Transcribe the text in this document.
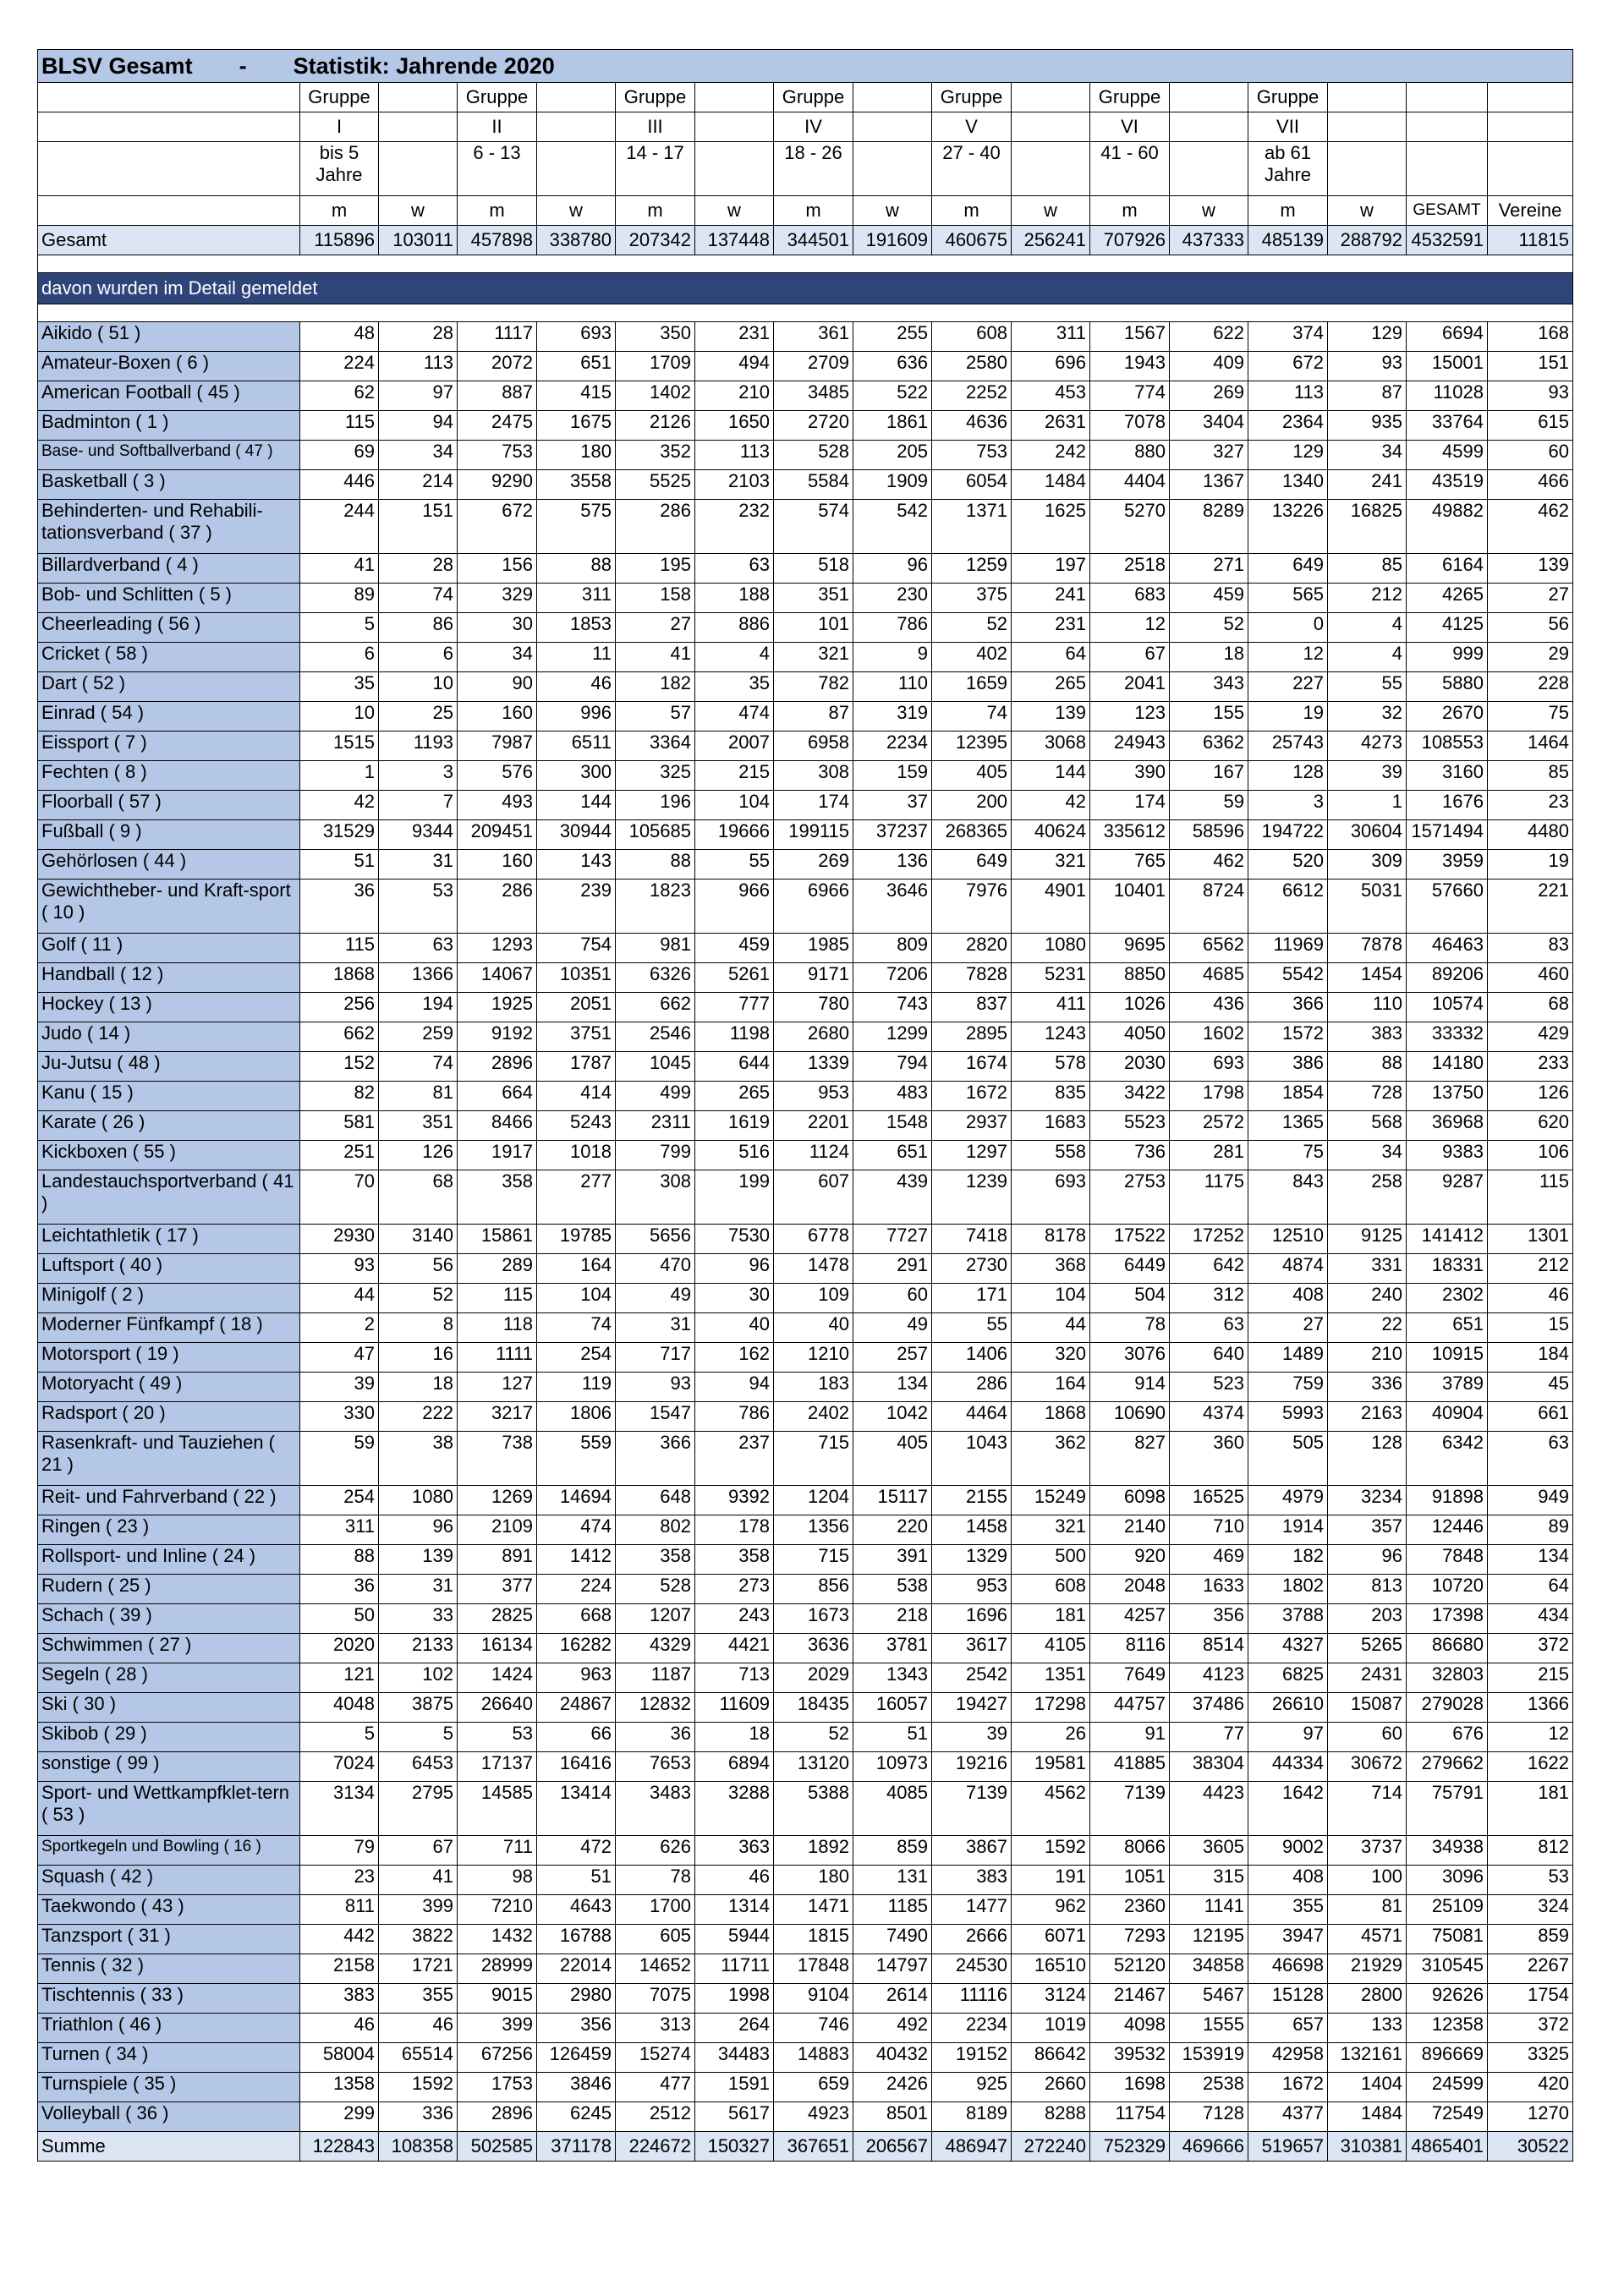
BLSV Gesamt - Statistik: Jahrende 2020																
	Gruppe		Gruppe		Gruppe		Gruppe		Gruppe		Gruppe		Gruppe			
	I		II		III		IV		V		VI		VII			
	bis 5 Jahre		6 - 13		14 - 17		18 - 26		27 - 40		41 - 60		ab 61 Jahre			
	m	w	m	w	m	w	m	w	m	w	m	w	m	w	GESAMT	Vereine
Gesamt	115896	103011	457898	338780	207342	137448	344501	191609	460675	256241	707926	437333	485139	288792	4532591	11815

davon wurden im Detail gemeldet																

Aikido ( 51 )	48	28	1117	693	350	231	361	255	608	311	1567	622	374	129	6694	168
Amateur-Boxen ( 6 )	224	113	2072	651	1709	494	2709	636	2580	696	1943	409	672	93	15001	151
American Football ( 45 )	62	97	887	415	1402	210	3485	522	2252	453	774	269	113	87	11028	93
Badminton ( 1 )	115	94	2475	1675	2126	1650	2720	1861	4636	2631	7078	3404	2364	935	33764	615
Base- und Softballverband ( 47 )	69	34	753	180	352	113	528	205	753	242	880	327	129	34	4599	60
Basketball ( 3 )	446	214	9290	3558	5525	2103	5584	1909	6054	1484	4404	1367	1340	241	43519	466
Behinderten- und Rehabili-tationsverband ( 37 )	244	151	672	575	286	232	574	542	1371	1625	5270	8289	13226	16825	49882	462
Billardverband ( 4 )	41	28	156	88	195	63	518	96	1259	197	2518	271	649	85	6164	139
Bob- und Schlitten ( 5 )	89	74	329	311	158	188	351	230	375	241	683	459	565	212	4265	27
Cheerleading ( 56 )	5	86	30	1853	27	886	101	786	52	231	12	52	0	4	4125	56
Cricket ( 58 )	6	6	34	11	41	4	321	9	402	64	67	18	12	4	999	29
Dart ( 52 )	35	10	90	46	182	35	782	110	1659	265	2041	343	227	55	5880	228
Einrad ( 54 )	10	25	160	996	57	474	87	319	74	139	123	155	19	32	2670	75
Eissport ( 7 )	1515	1193	7987	6511	3364	2007	6958	2234	12395	3068	24943	6362	25743	4273	108553	1464
Fechten ( 8 )	1	3	576	300	325	215	308	159	405	144	390	167	128	39	3160	85
Floorball ( 57 )	42	7	493	144	196	104	174	37	200	42	174	59	3	1	1676	23
Fußball ( 9 )	31529	9344	209451	30944	105685	19666	199115	37237	268365	40624	335612	58596	194722	30604	1571494	4480
Gehörlosen ( 44 )	51	31	160	143	88	55	269	136	649	321	765	462	520	309	3959	19
Gewichtheber- und Kraft-sport ( 10 )	36	53	286	239	1823	966	6966	3646	7976	4901	10401	8724	6612	5031	57660	221
Golf ( 11 )	115	63	1293	754	981	459	1985	809	2820	1080	9695	6562	11969	7878	46463	83
Handball ( 12 )	1868	1366	14067	10351	6326	5261	9171	7206	7828	5231	8850	4685	5542	1454	89206	460
Hockey ( 13 )	256	194	1925	2051	662	777	780	743	837	411	1026	436	366	110	10574	68
Judo ( 14 )	662	259	9192	3751	2546	1198	2680	1299	2895	1243	4050	1602	1572	383	33332	429
Ju-Jutsu ( 48 )	152	74	2896	1787	1045	644	1339	794	1674	578	2030	693	386	88	14180	233
Kanu ( 15 )	82	81	664	414	499	265	953	483	1672	835	3422	1798	1854	728	13750	126
Karate ( 26 )	581	351	8466	5243	2311	1619	2201	1548	2937	1683	5523	2572	1365	568	36968	620
Kickboxen ( 55 )	251	126	1917	1018	799	516	1124	651	1297	558	736	281	75	34	9383	106
Landestauchsportverband ( 41 )	70	68	358	277	308	199	607	439	1239	693	2753	1175	843	258	9287	115
Leichtathletik ( 17 )	2930	3140	15861	19785	5656	7530	6778	7727	7418	8178	17522	17252	12510	9125	141412	1301
Luftsport ( 40 )	93	56	289	164	470	96	1478	291	2730	368	6449	642	4874	331	18331	212
Minigolf ( 2 )	44	52	115	104	49	30	109	60	171	104	504	312	408	240	2302	46
Moderner Fünfkampf ( 18 )	2	8	118	74	31	40	40	49	55	44	78	63	27	22	651	15
Motorsport ( 19 )	47	16	1111	254	717	162	1210	257	1406	320	3076	640	1489	210	10915	184
Motoryacht ( 49 )	39	18	127	119	93	94	183	134	286	164	914	523	759	336	3789	45
Radsport ( 20 )	330	222	3217	1806	1547	786	2402	1042	4464	1868	10690	4374	5993	2163	40904	661
Rasenkraft- und Tauziehen ( 21 )	59	38	738	559	366	237	715	405	1043	362	827	360	505	128	6342	63
Reit- und Fahrverband ( 22 )	254	1080	1269	14694	648	9392	1204	15117	2155	15249	6098	16525	4979	3234	91898	949
Ringen ( 23 )	311	96	2109	474	802	178	1356	220	1458	321	2140	710	1914	357	12446	89
Rollsport- und Inline ( 24 )	88	139	891	1412	358	358	715	391	1329	500	920	469	182	96	7848	134
Rudern ( 25 )	36	31	377	224	528	273	856	538	953	608	2048	1633	1802	813	10720	64
Schach ( 39 )	50	33	2825	668	1207	243	1673	218	1696	181	4257	356	3788	203	17398	434
Schwimmen ( 27 )	2020	2133	16134	16282	4329	4421	3636	3781	3617	4105	8116	8514	4327	5265	86680	372
Segeln ( 28 )	121	102	1424	963	1187	713	2029	1343	2542	1351	7649	4123	6825	2431	32803	215
Ski ( 30 )	4048	3875	26640	24867	12832	11609	18435	16057	19427	17298	44757	37486	26610	15087	279028	1366
Skibob ( 29 )	5	5	53	66	36	18	52	51	39	26	91	77	97	60	676	12
sonstige ( 99 )	7024	6453	17137	16416	7653	6894	13120	10973	19216	19581	41885	38304	44334	30672	279662	1622
Sport- und Wettkampfklet-tern ( 53 )	3134	2795	14585	13414	3483	3288	5388	4085	7139	4562	7139	4423	1642	714	75791	181
Sportkegeln und Bowling ( 16 )	79	67	711	472	626	363	1892	859	3867	1592	8066	3605	9002	3737	34938	812
Squash ( 42 )	23	41	98	51	78	46	180	131	383	191	1051	315	408	100	3096	53
Taekwondo ( 43 )	811	399	7210	4643	1700	1314	1471	1185	1477	962	2360	1141	355	81	25109	324
Tanzsport ( 31 )	442	3822	1432	16788	605	5944	1815	7490	2666	6071	7293	12195	3947	4571	75081	859
Tennis ( 32 )	2158	1721	28999	22014	14652	11711	17848	14797	24530	16510	52120	34858	46698	21929	310545	2267
Tischtennis ( 33 )	383	355	9015	2980	7075	1998	9104	2614	11116	3124	21467	5467	15128	2800	92626	1754
Triathlon ( 46 )	46	46	399	356	313	264	746	492	2234	1019	4098	1555	657	133	12358	372
Turnen ( 34 )	58004	65514	67256	126459	15274	34483	14883	40432	19152	86642	39532	153919	42958	132161	896669	3325
Turnspiele ( 35 )	1358	1592	1753	3846	477	1591	659	2426	925	2660	1698	2538	1672	1404	24599	420
Volleyball ( 36 )	299	336	2896	6245	2512	5617	4923	8501	8189	8288	11754	7128	4377	1484	72549	1270
Summe	122843	108358	502585	371178	224672	150327	367651	206567	486947	272240	752329	469666	519657	310381	4865401	30522
